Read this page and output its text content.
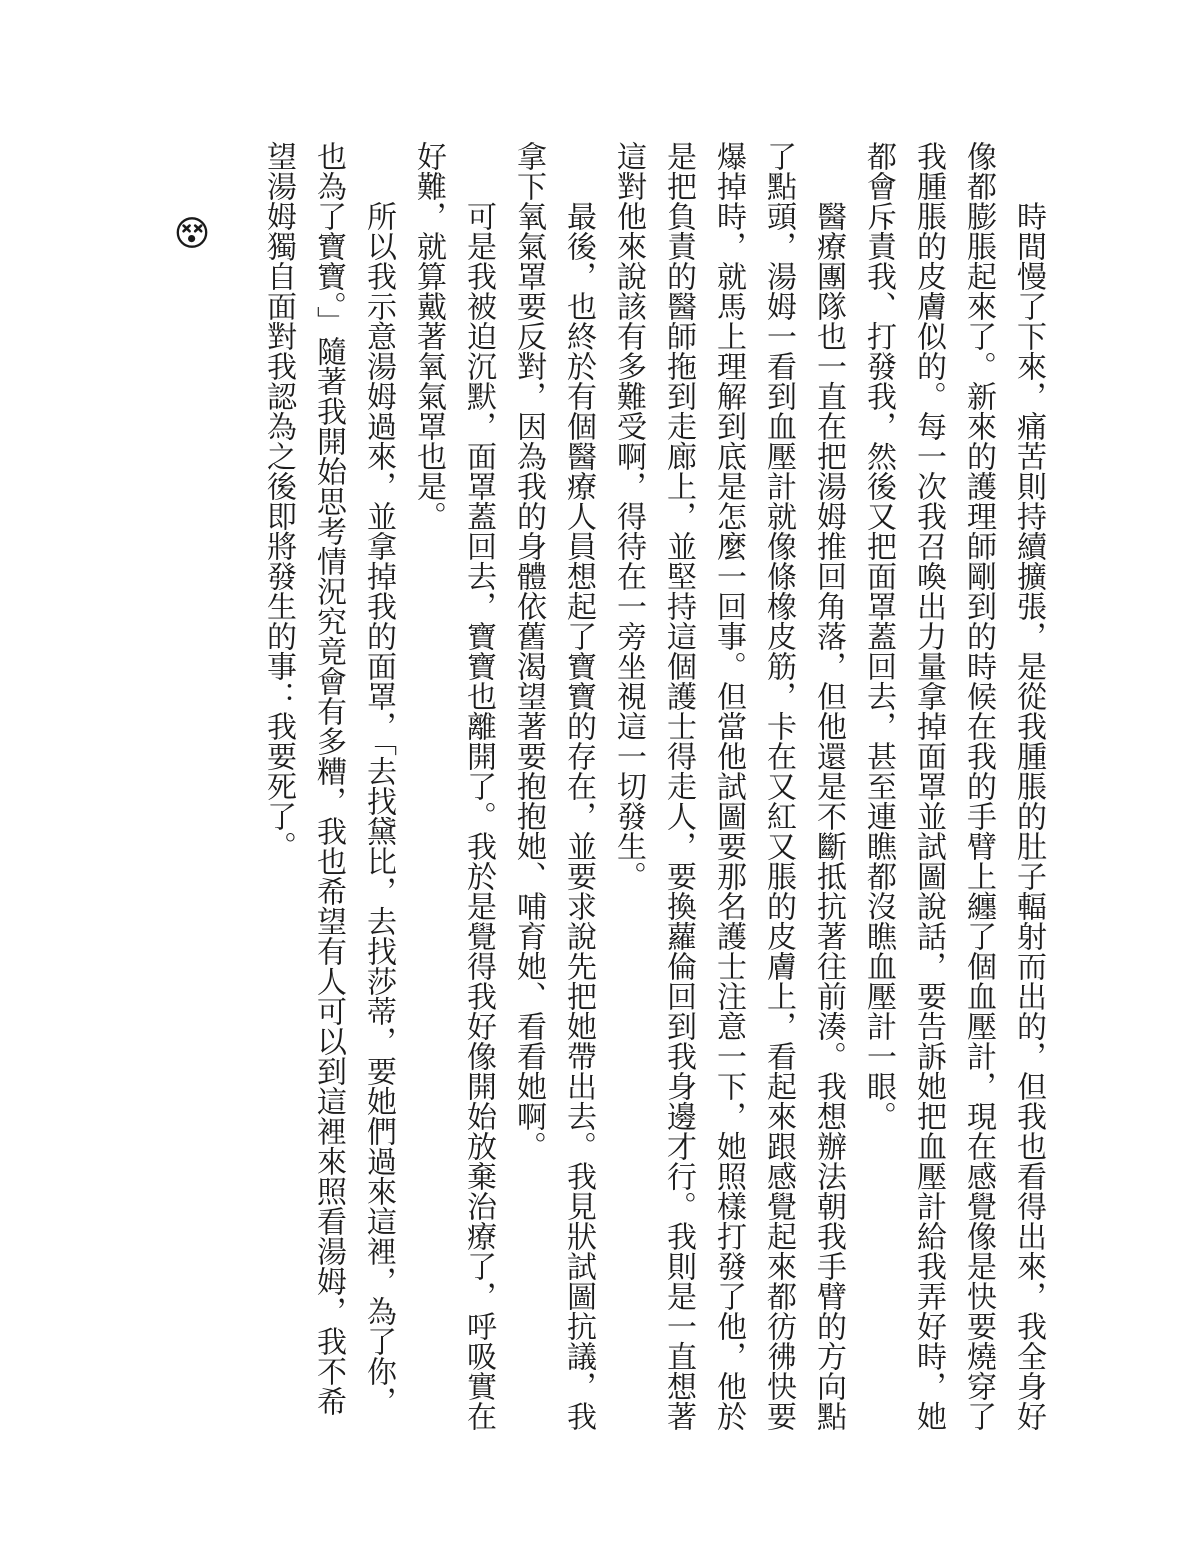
時間慢了下來，痛苦則持續擴張，是從我腫脹的肚子輻射而出的，但我也看得出來，我全身好像都膨脹起來了。新來的護理師剛到的時候在我的手臂上纏了個血壓計，現在感覺像是快要燒穿了我腫脹的皮膚似的。每一次我召喚出力量拿掉面罩並試圖說話，要告訴她把血壓計給我弄好時，她都會斥責我、打發我，然後又把面罩蓋回去，甚至連瞧都沒瞧血壓計一眼。

醫療團隊也一直在把湯姆推回角落，但他還是不斷抵抗著往前湊。我想辦法朝我手臂的方向點了點頭，湯姆一看到血壓計就像條橡皮筋，卡在又紅又脹的皮膚上，看起來跟感覺起來都彷彿快要爆掉時，就馬上理解到底是怎麼一回事。但當他試圖要那名護士注意一下，她照樣打發了他，他於是把負責的醫師拖到走廊上，並堅持這個護士得走人，要換蘿倫回到我身邊才行。我則是一直想著這對他來說該有多難受啊，得待在一旁坐視這一切發生。

最後，也終於有個醫療人員想起了寶寶的存在，並要求說先把她帶出去。我見狀試圖抗議，我拿下氧氣罩要反對，因為我的身體依舊渴望著要抱抱她、哺育她、看看她啊。

可是我被迫沉默，面罩蓋回去，寶寶也離開了。我於是覺得我好像開始放棄治療了，呼吸實在好難，就算戴著氧氣罩也是。

所以我示意湯姆過來，並拿掉我的面罩，「去找黛比，去找莎蒂，要她們過來這裡，為了你，也為了寶寶。」隨著我開始思考情況究竟會有多糟，我也希望有人可以到這裡來照看湯姆，我不希望湯姆獨自面對我認為之後即將發生的事：我要死了。
